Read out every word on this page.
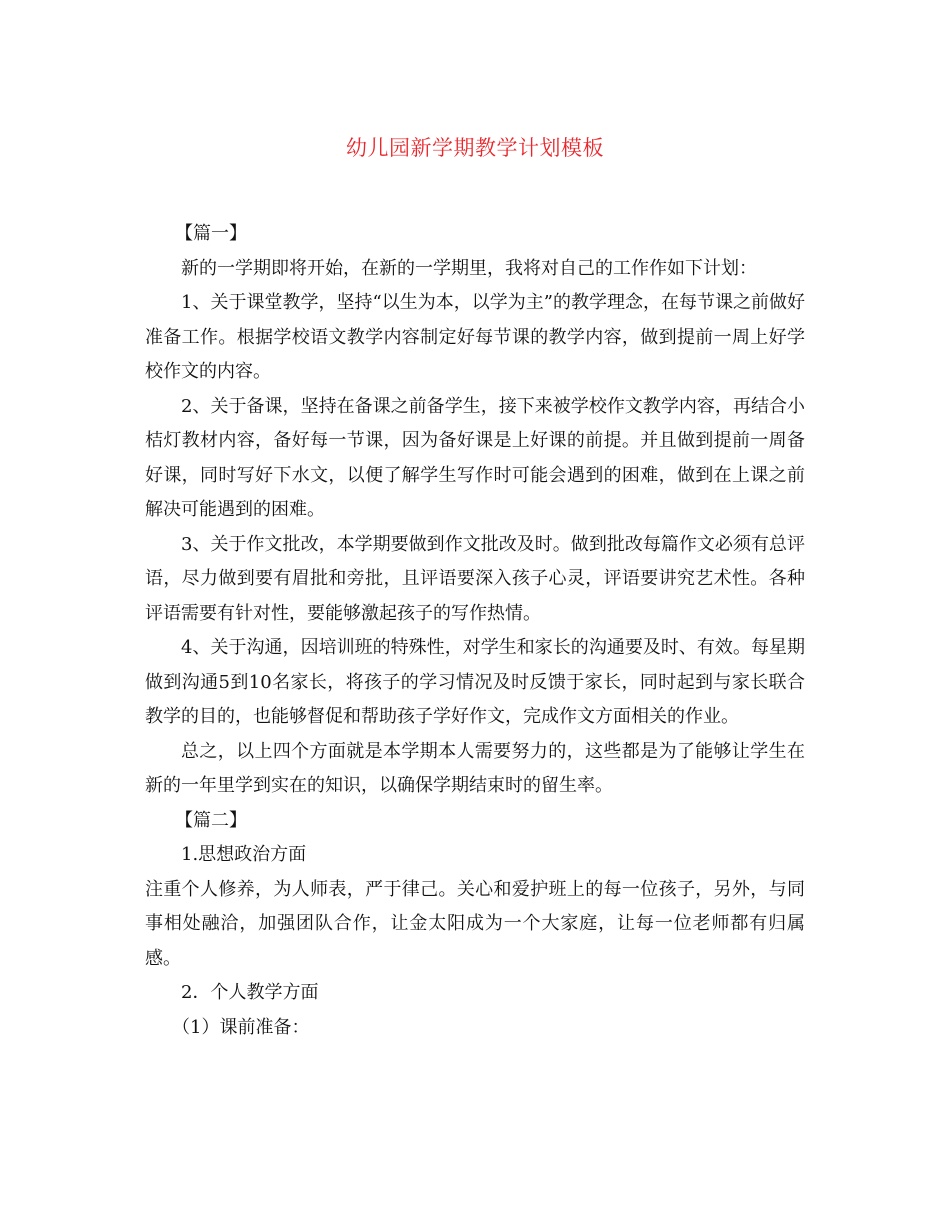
幼儿园新学期教学计划模板

【篇一】

新的一学期即将开始，在新的一学期里，我将对自己的工作作如下计划：

1、关于课堂教学，坚持“以生为本，以学为主”的教学理念，在每节课之前做好准备工作。根据学校语文教学内容制定好每节课的教学内容，做到提前一周上好学校作文的内容。

2、关于备课，坚持在备课之前备学生，接下来被学校作文教学内容，再结合小桔灯教材内容，备好每一节课，因为备好课是上好课的前提。并且做到提前一周备好课，同时写好下水文，以便了解学生写作时可能会遇到的困难，做到在上课之前解决可能遇到的困难。

3、关于作文批改，本学期要做到作文批改及时。做到批改每篇作文必须有总评语，尽力做到要有眉批和旁批，且评语要深入孩子心灵，评语要讲究艺术性。各种评语需要有针对性，要能够激起孩子的写作热情。

4、关于沟通，因培训班的特殊性，对学生和家长的沟通要及时、有效。每星期做到沟通5到10名家长，将孩子的学习情况及时反馈于家长，同时起到与家长联合教学的目的，也能够督促和帮助孩子学好作文，完成作文方面相关的作业。

总之，以上四个方面就是本学期本人需要努力的，这些都是为了能够让学生在新的一年里学到实在的知识，以确保学期结束时的留生率。

【篇二】

1.思想政治方面

注重个人修养，为人师表，严于律己。关心和爱护班上的每一位孩子，另外，与同事相处融洽，加强团队合作，让金太阳成为一个大家庭，让每一位老师都有归属感。

2．个人教学方面

（1）课前准备：
